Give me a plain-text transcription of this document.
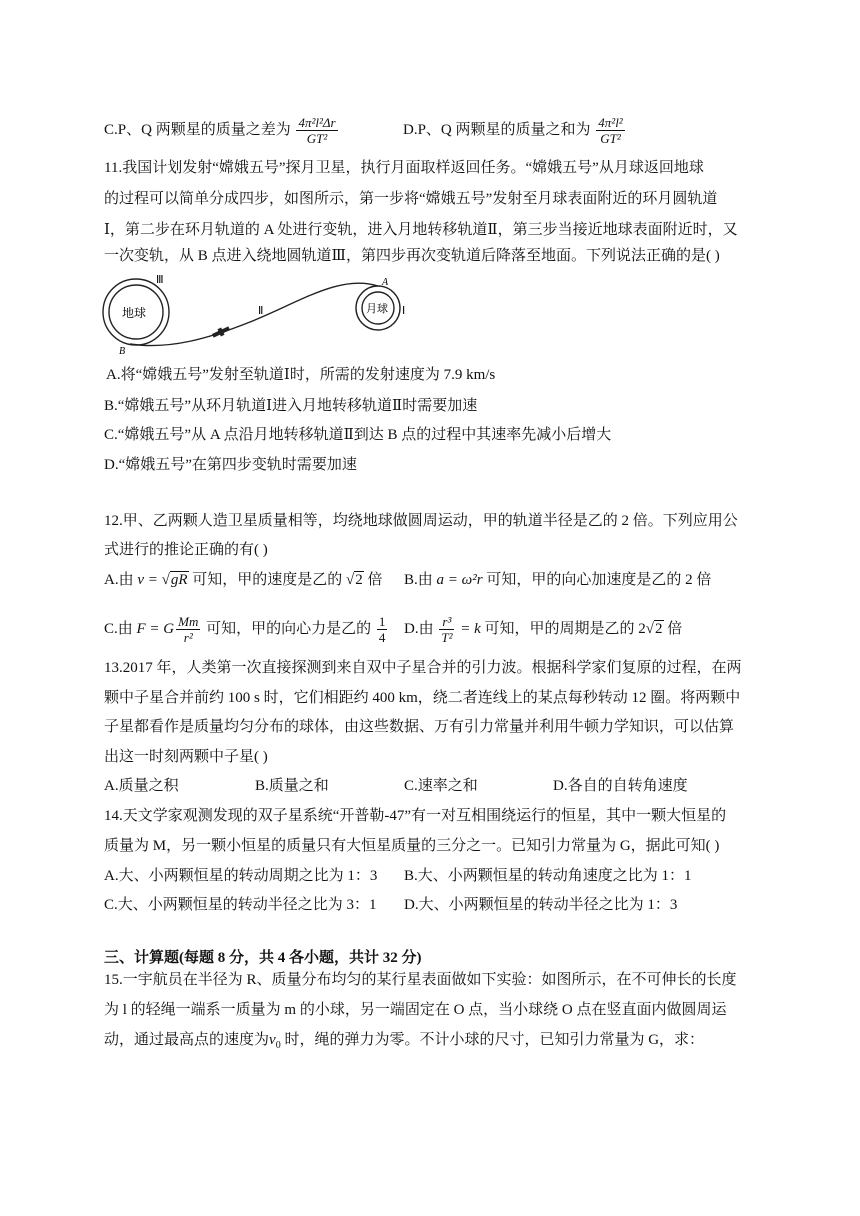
C.P、Q 两颗星的质量之差为 $\frac{\text{4π²l²Δr}}{\text{GT²}}$	D.P、Q 两颗星的质量之和为 $\frac{\text{4π²l²}}{\text{GT²}}$
11.我国计划发射“嫦娥五号”探月卫星，执行月面取样返回任务。“嫦娥五号”从月球返回地球
的过程可以简单分成四步，如图所示，第一步将“嫦娥五号”发射至月球表面附近的环月圆轨道
Ⅰ，第二步在环月轨道的 A 处进行变轨，进入月地转移轨道Ⅱ，第三步当接近地球表面附近时，又
一次变轨，从 B 点进入绕地圆轨道Ⅲ，第四步再次变轨道后降落至地面。下列说法正确的是( )
地球
Ⅲ
月球 Ⅰ
Ⅱ
A
B
A.将“嫦娥五号”发射至轨道Ⅰ时，所需的发射速度为 7.9 km/s
B.“嫦娥五号”从环月轨道Ⅰ进入月地转移轨道Ⅱ时需要加速
C.“嫦娥五号”从 A 点沿月地转移轨道Ⅱ到达 B 点的过程中其速率先减小后增大
D.“嫦娥五号”在第四步变轨时需要加速
12.甲、乙两颗人造卫星质量相等，均绕地球做圆周运动，甲的轨道半径是乙的 2 倍。下列应用公
式进行的推论正确的有( )
A.由 v = √gR 可知，甲的速度是乙的 √2 倍 B.由 a = ω²r 可知，甲的向心加速度是乙的 2 倍
C.由 F = G $\frac{Mm}{\text{r²}}$ 可知，甲的向心力是乙的 $\frac{1}{4} D$.由 $\frac{\text{r³}}{\text{T²}} = k$ 可知，甲的周期是乙的 2√2 倍
13.2017 年，人类第一次直接探测到来自双中子星合并的引力波。根据科学家们复原的过程，在两
颗中子星合并前约 100 s 时，它们相距约 400 km，绕二者连线上的某点每秒转动 12 圈。将两颗中
子星都看作是质量均匀分布的球体，由这些数据、万有引力常量并利用牛顿力学知识，可以估算
出这一时刻两颗中子星( )
A.质量之积	B.质量之和	C.速率之和	D.各自的自转角速度
14.天文学家观测发现的双子星系统“开普勒-47”有一对互相围绕运行的恒星，其中一颗大恒星的
质量为 M，另一颗小恒星的质量只有大恒星质量的三分之一。已知引力常量为 G，据此可知( )
A.大、小两颗恒星的转动周期之比为 1：3 B.大、小两颗恒星的转动角速度之比为 1：1
C.大、小两颗恒星的转动半径之比为 3：1 D.大、小两颗恒星的转动半径之比为 1：3
三、计算题(每题 8 分，共 4 各小题，共计 32 分)
15.一宇航员在半径为 R、质量分布均匀的某行星表面做如下实验：如图所示，在不可伸长的长度
为 l 的轻绳一端系一质量为 m 的小球，另一端固定在 O 点，当小球绕 O 点在竖直面内做圆周运
动，通过最高点的速度为$v_0$ 时，绳的弹力为零。不计小球的尺寸，已知引力常量为 G，求：
